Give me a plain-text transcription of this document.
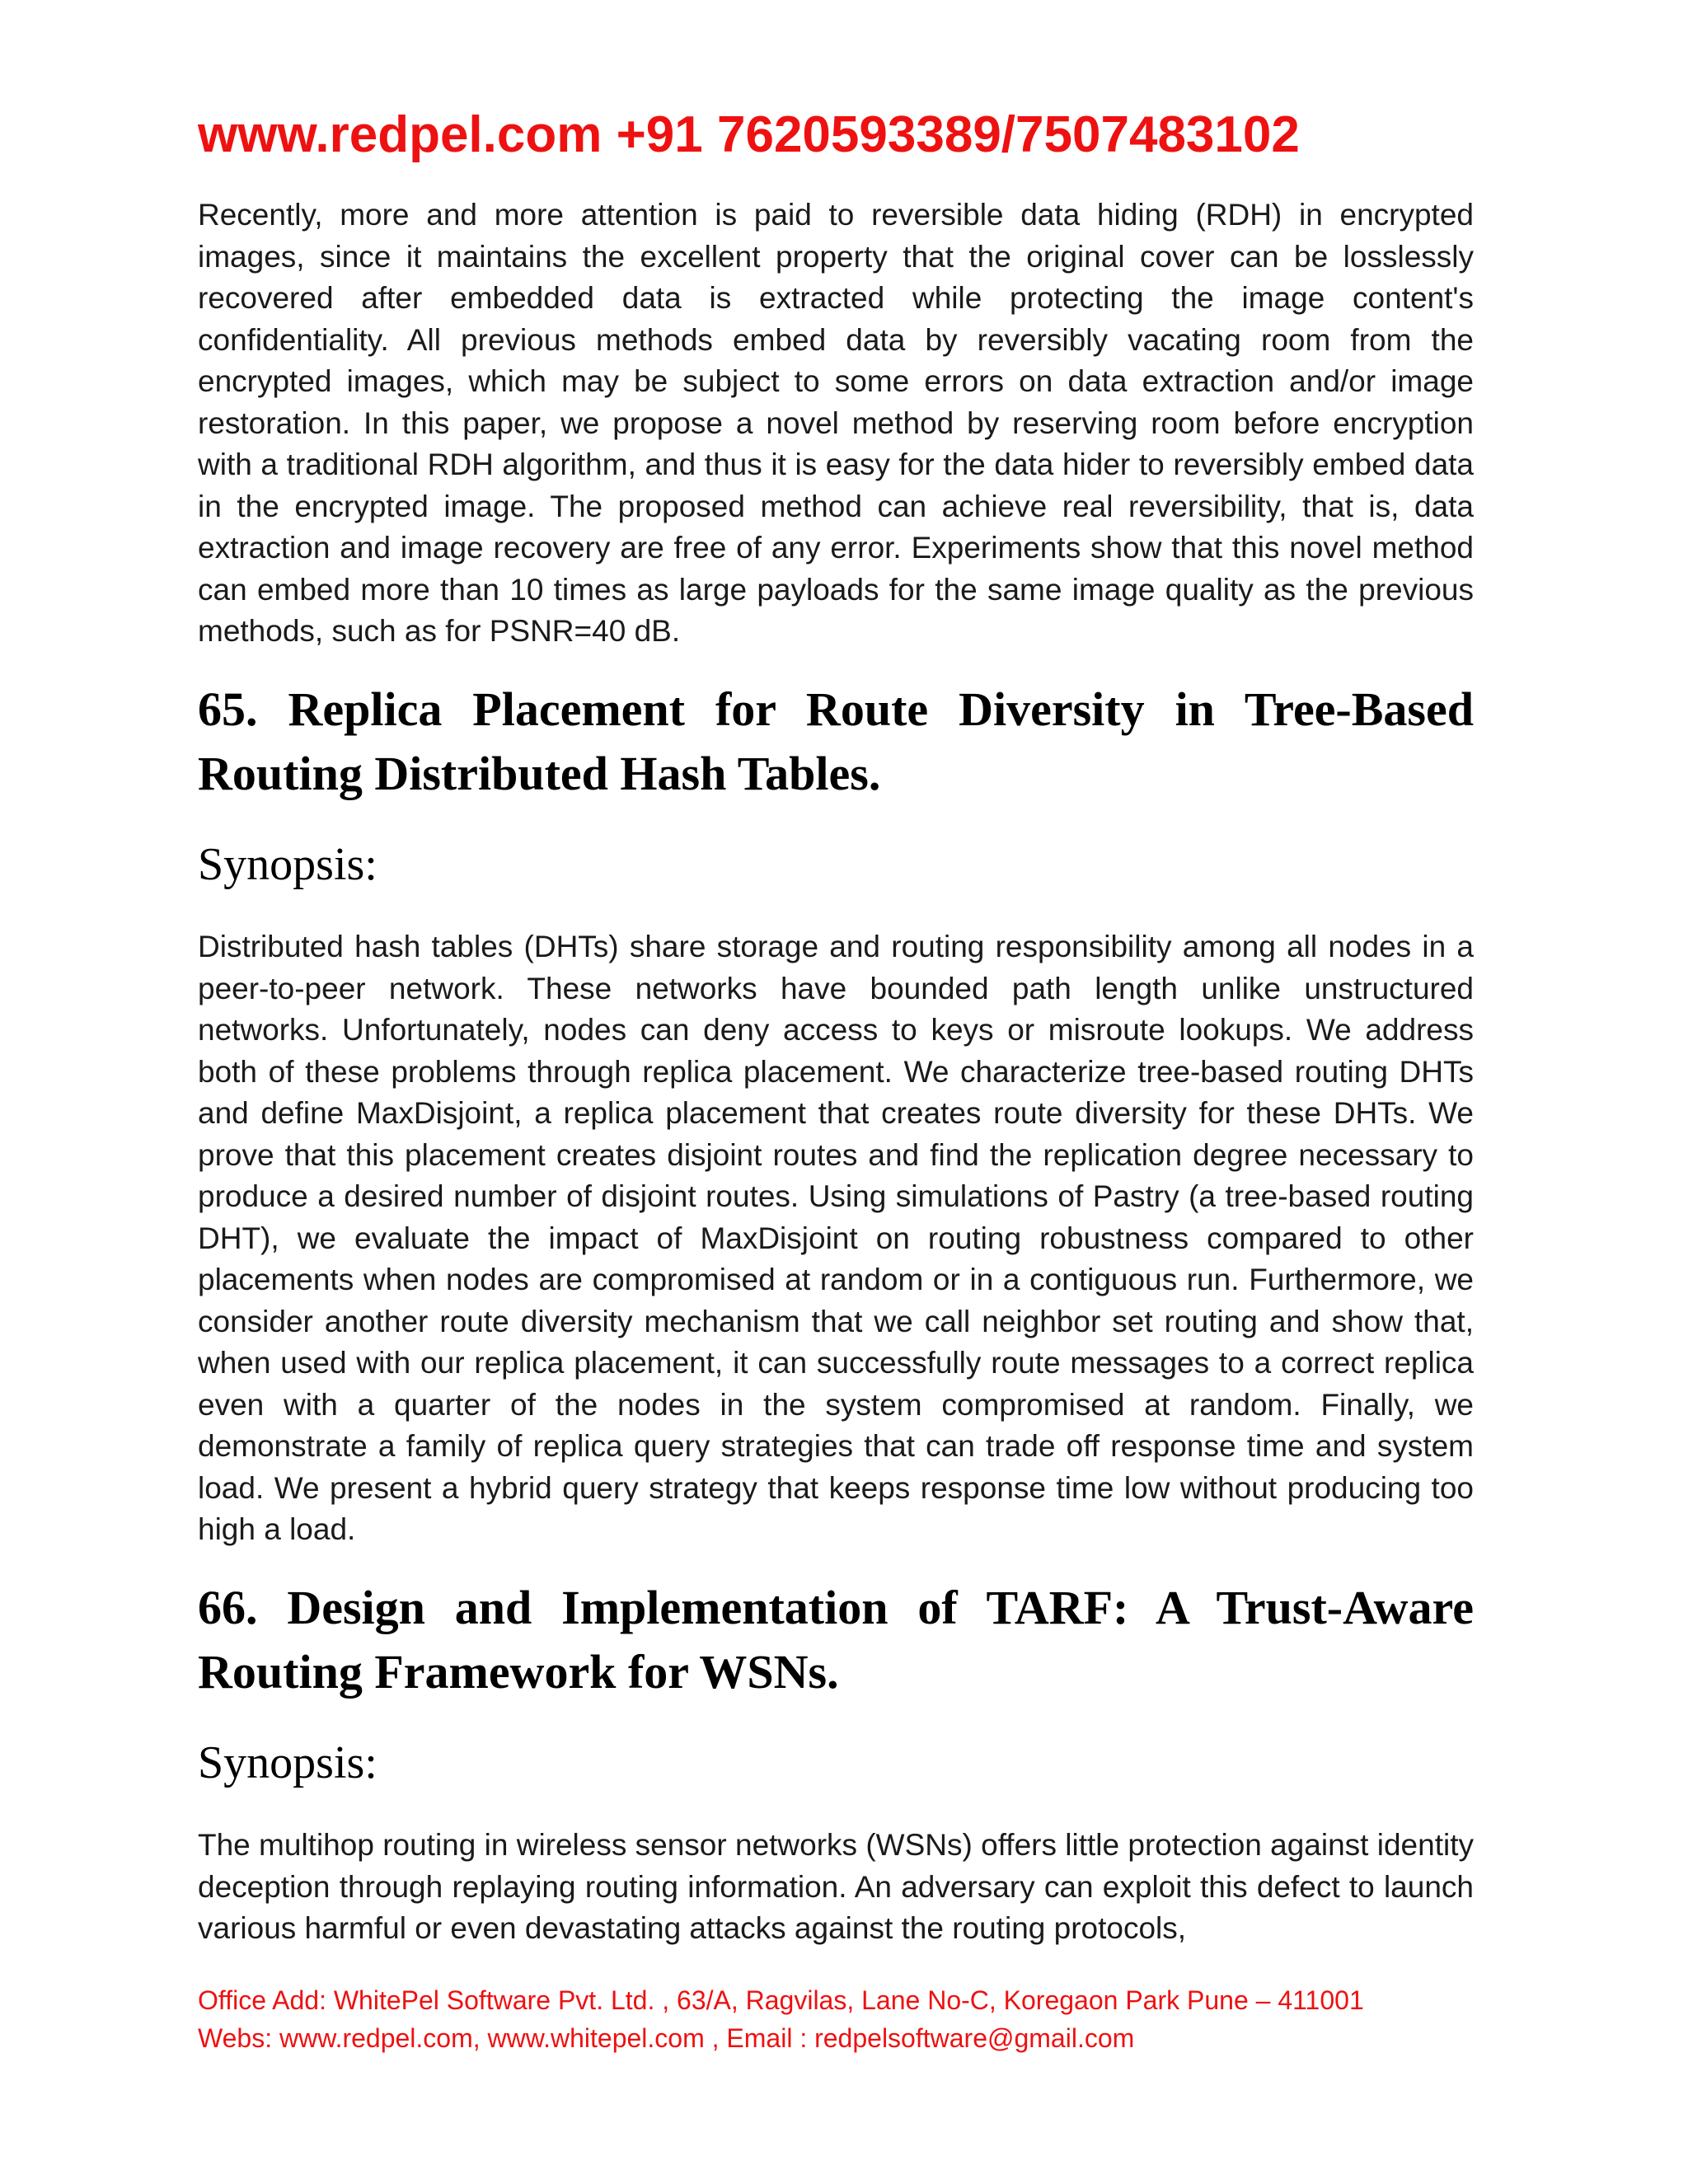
www.redpel.com +91 7620593389/7507483102

Recently, more and more attention is paid to reversible data hiding (RDH) in encrypted images, since it maintains the excellent property that the original cover can be losslessly recovered after embedded data is extracted while protecting the image content's confidentiality. All previous methods embed data by reversibly vacating room from the encrypted images, which may be subject to some errors on data extraction and/or image restoration. In this paper, we propose a novel method by reserving room before encryption with a traditional RDH algorithm, and thus it is easy for the data hider to reversibly embed data in the encrypted image. The proposed method can achieve real reversibility, that is, data extraction and image recovery are free of any error. Experiments show that this novel method can embed more than 10 times as large payloads for the same image quality as the previous methods, such as for PSNR=40 dB.

65. Replica Placement for Route Diversity in Tree-Based Routing Distributed Hash Tables.
Synopsis:

Distributed hash tables (DHTs) share storage and routing responsibility among all nodes in a peer-to-peer network. These networks have bounded path length unlike unstructured networks. Unfortunately, nodes can deny access to keys or misroute lookups. We address both of these problems through replica placement. We characterize tree-based routing DHTs and define MaxDisjoint, a replica placement that creates route diversity for these DHTs. We prove that this placement creates disjoint routes and find the replication degree necessary to produce a desired number of disjoint routes. Using simulations of Pastry (a tree-based routing DHT), we evaluate the impact of MaxDisjoint on routing robustness compared to other placements when nodes are compromised at random or in a contiguous run. Furthermore, we consider another route diversity mechanism that we call neighbor set routing and show that, when used with our replica placement, it can successfully route messages to a correct replica even with a quarter of the nodes in the system compromised at random. Finally, we demonstrate a family of replica query strategies that can trade off response time and system load. We present a hybrid query strategy that keeps response time low without producing too high a load.

66. Design and Implementation of TARF: A Trust-Aware Routing Framework for WSNs.
Synopsis:

The multihop routing in wireless sensor networks (WSNs) offers little protection against identity deception through replaying routing information. An adversary can exploit this defect to launch various harmful or even devastating attacks against the routing protocols,

Office Add: WhitePel Software Pvt. Ltd. , 63/A, Ragvilas, Lane No-C, Koregaon Park Pune – 411001
Webs: www.redpel.com, www.whitepel.com , Email : redpelsoftware@gmail.com
